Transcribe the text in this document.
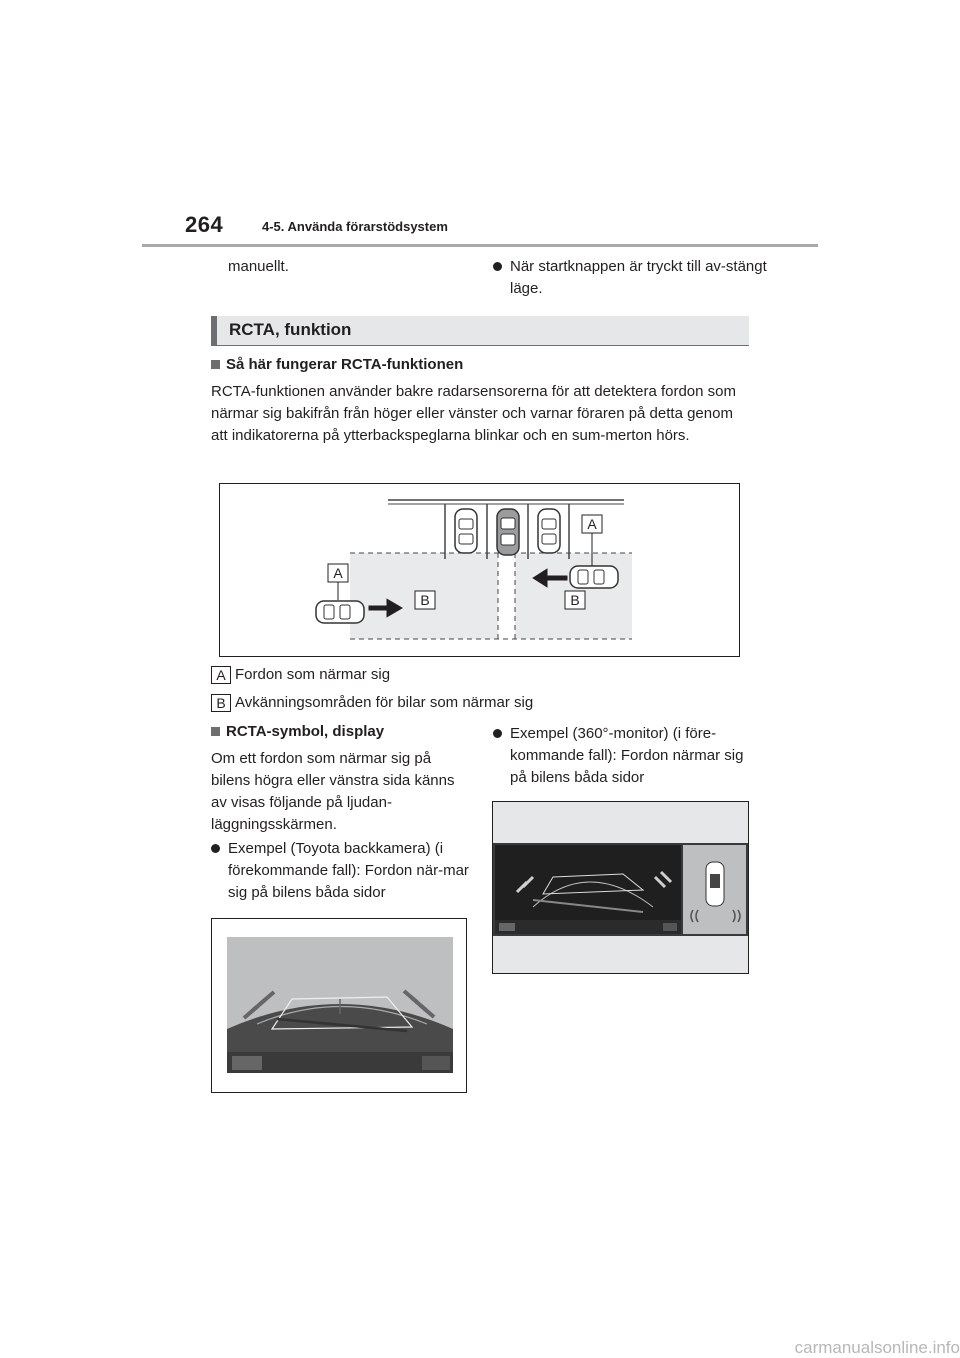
264	4-5. Använda förarstödsystem
manuellt.	När startknappen är tryckt till av-stängt läge.
RCTA, funktion
Så här fungerar RCTA-funktionen
RCTA-funktionen använder bakre radarsensorerna för att detektera fordon som närmar sig bakifrån från höger eller vänster och varnar föraren på detta genom att indikatorerna på ytterbackspeglarna blinkar och en sum-merton hörs.
A
A
B	B
A Fordon som närmar sig
B Avkänningsområden för bilar som närmar sig
RCTA-symbol, display
Om ett fordon som närmar sig på bilens högra eller vänstra sida känns av visas följande på ljudan-läggningsskärmen.
Exempel (Toyota backkamera) (i förekommande fall): Fordon när-mar sig på bilens båda sidor
Exempel (360°-monitor) (i före-kommande fall): Fordon närmar sig på bilens båda sidor
carmanualsonline.info
